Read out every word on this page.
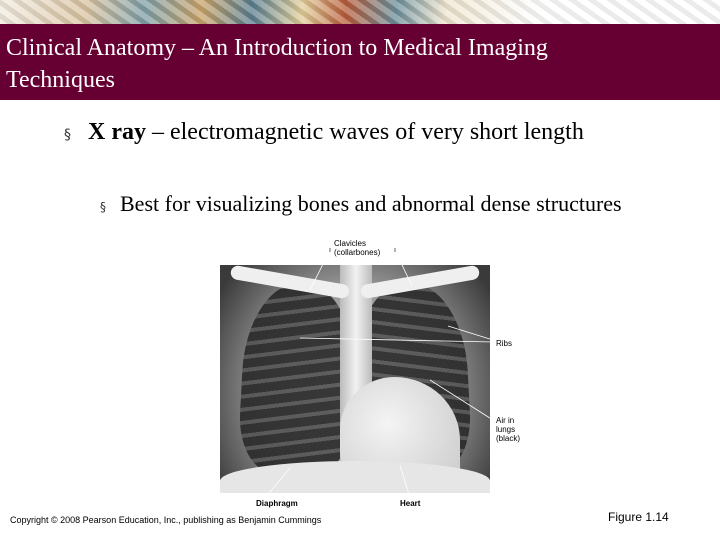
Clinical Anatomy – An Introduction to Medical Imaging Techniques
§ X ray – electromagnetic waves of very short length
§ Best for visualizing bones and abnormal dense structures
Clavicles
(collarbones)
Ribs
Air in
lungs
(black)
Diaphragm	Heart
Copyright © 2008 Pearson Education, Inc., publishing as Benjamin Cummings	Figure 1.14
